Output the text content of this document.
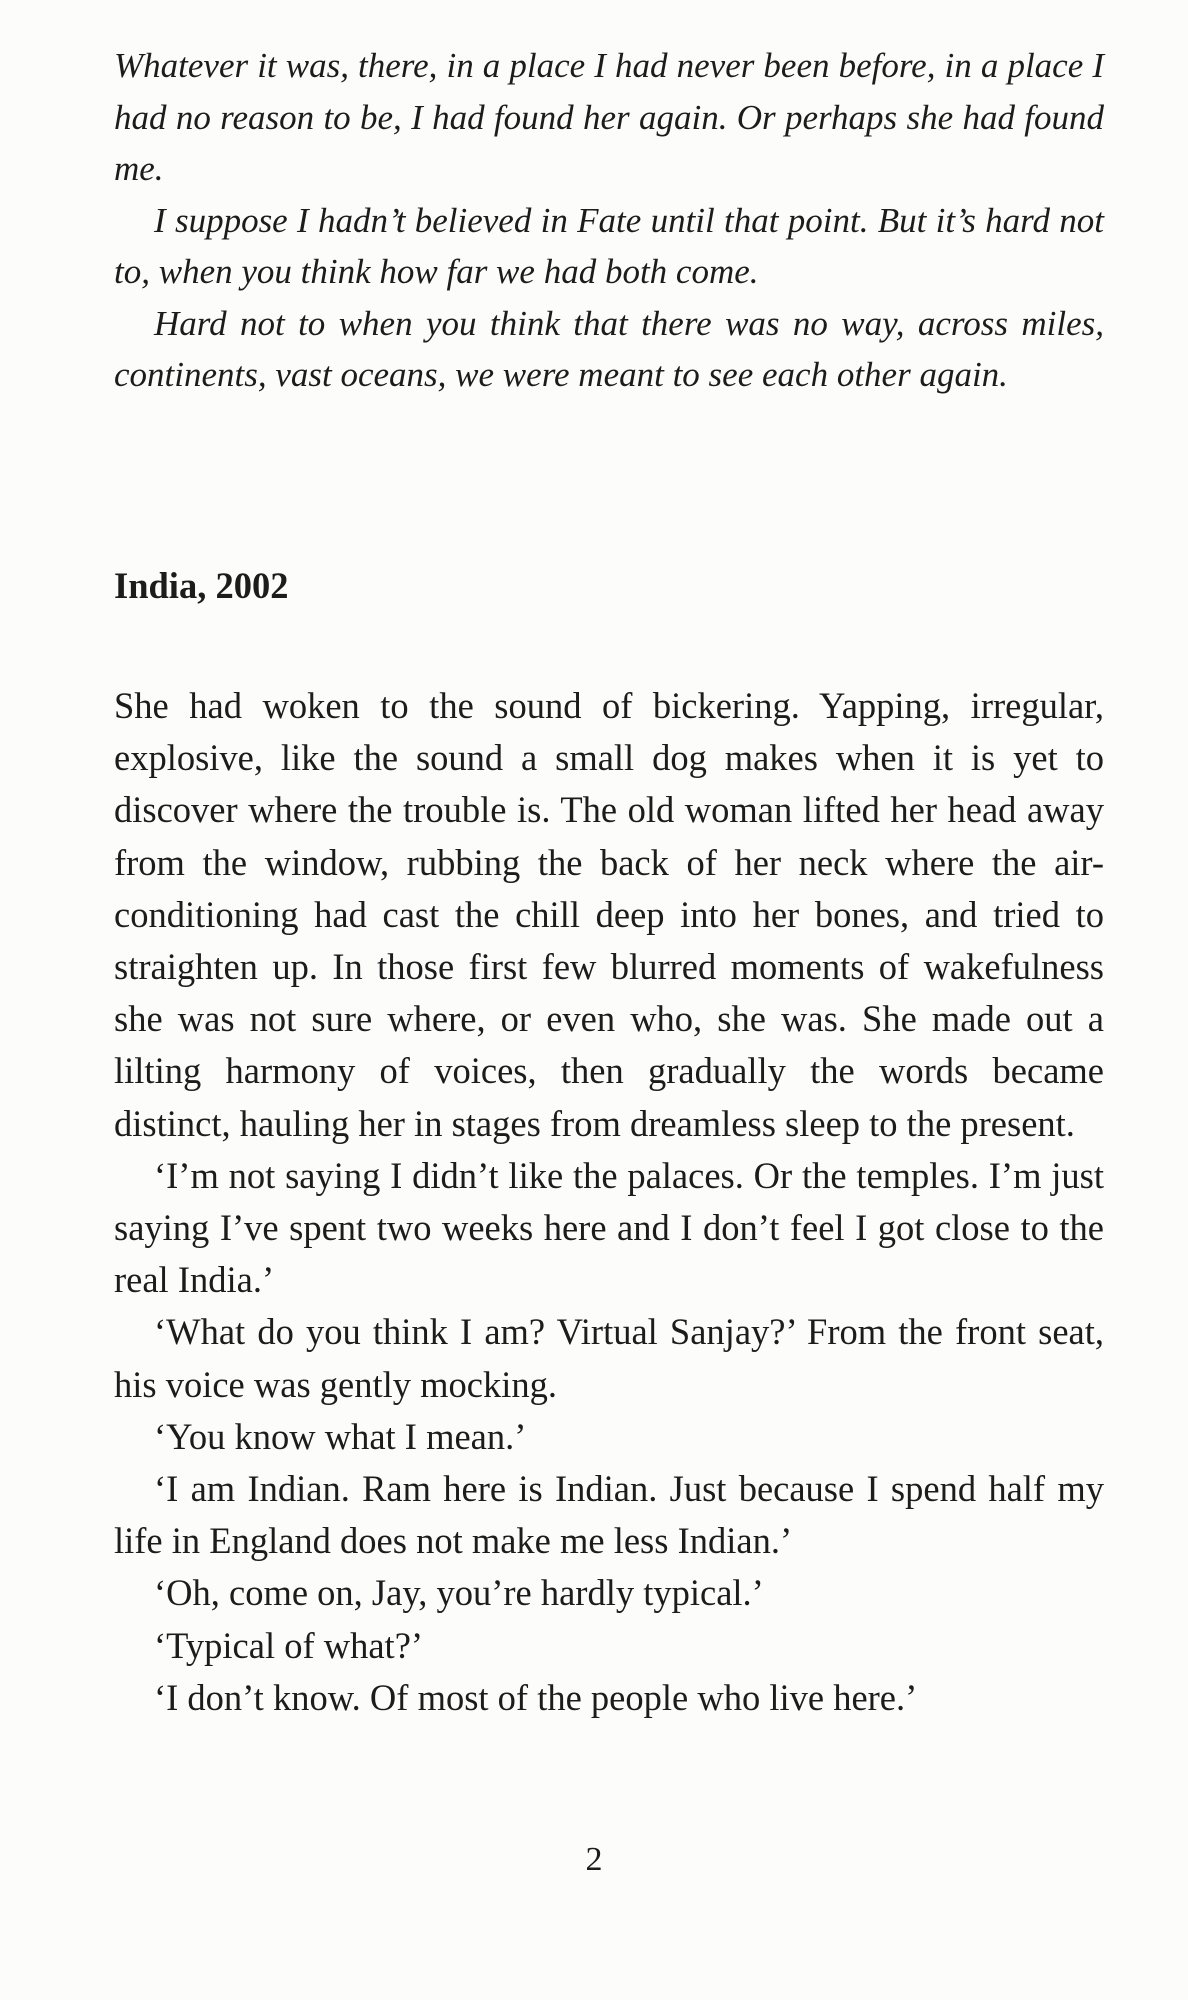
Whatever it was, there, in a place I had never been before, in a place I had no reason to be, I had found her again. Or perhaps she had found me.

I suppose I hadn’t believed in Fate until that point. But it’s hard not to, when you think how far we had both come.

Hard not to when you think that there was no way, across miles, continents, vast oceans, we were meant to see each other again.

India, 2002

She had woken to the sound of bickering. Yapping, irregular, explosive, like the sound a small dog makes when it is yet to discover where the trouble is. The old woman lifted her head away from the window, rubbing the back of her neck where the air-conditioning had cast the chill deep into her bones, and tried to straighten up. In those first few blurred moments of wakefulness she was not sure where, or even who, she was. She made out a lilting harmony of voices, then gradually the words became distinct, hauling her in stages from dreamless sleep to the present.

‘I’m not saying I didn’t like the palaces. Or the temples. I’m just saying I’ve spent two weeks here and I don’t feel I got close to the real India.’

‘What do you think I am? Virtual Sanjay?’ From the front seat, his voice was gently mocking.

‘You know what I mean.’

‘I am Indian. Ram here is Indian. Just because I spend half my life in England does not make me less Indian.’

‘Oh, come on, Jay, you’re hardly typical.’

‘Typical of what?’

‘I don’t know. Of most of the people who live here.’

2
